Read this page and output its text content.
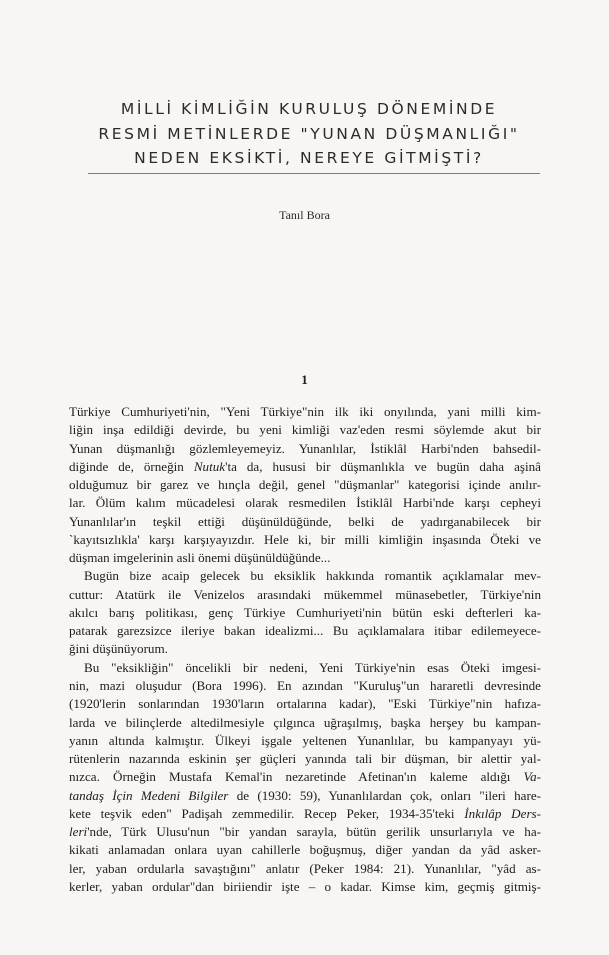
MİLLİ KİMLİĞİN KURULUŞ DÖNEMİNDE
RESMİ METİNLERDE "YUNAN DÜŞMANLIĞI"
NEDEN EKSİKTİ, NEREYE GİTMİŞTİ?
Tanıl Bora
1
Türkiye Cumhuriyeti'nin, "Yeni Türkiye"nin ilk iki onyılında, yani milli kim-
liğin inşa edildiği devirde, bu yeni kimliği vaz'eden resmi söylemde akut bir
Yunan düşmanlığı gözlemleyemeyiz. Yunanlılar, İstiklâl Harbi'nden bahsedil-
diğinde de, örneğin Nutuk'ta da, hususi bir düşmanlıkla ve bugün daha aşinâ
olduğumuz bir garez ve hınçla değil, genel "düşmanlar" kategorisi içinde anılır-
lar. Ölüm kalım mücadelesi olarak resmedilen İstiklâl Harbi'nde karşı cepheyi
Yunanlılar'ın teşkil ettiği düşünüldüğünde, belki de yadırganabilecek bir
`kayıtsızlıkla' karşı karşıyayızdır. Hele ki, bir milli kimliğin inşasında Öteki ve
düşman imgelerinin asli önemi düşünüldüğünde...
Bugün bize acaip gelecek bu eksiklik hakkında romantik açıklamalar mev-
cuttur: Atatürk ile Venizelos arasındaki mükemmel münasebetler, Türkiye'nin
akılcı barış politikası, genç Türkiye Cumhuriyeti'nin bütün eski defterleri ka-
patarak garezsizce ileriye bakan idealizmi... Bu açıklamalara itibar edilemeyece-
ğini düşünüyorum.
Bu "eksikliğin" öncelikli bir nedeni, Yeni Türkiye'nin esas Öteki imgesi-
nin, mazi oluşudur (Bora 1996). En azından "Kuruluş"un hararetli devresinde
(1920'lerin sonlarından 1930'ların ortalarına kadar), "Eski Türkiye"nin hafıza-
larda ve bilinçlerde altedilmesiyle çılgınca uğraşılmış, başka herşey bu kampan-
yanın altında kalmıştır. Ülkeyi işgale yeltenen Yunanlılar, bu kampanyayı yü-
rütenlerin nazarında eskinin şer güçleri yanında tali bir düşman, bir alettir yal-
nızca. Örneğin Mustafa Kemal'in nezaretinde Afetinan'ın kaleme aldığı Va-
tandaş İçin Medeni Bilgiler de (1930: 59), Yunanlılardan çok, onları "ileri hare-
kete teşvik eden" Padişah zemmedilir. Recep Peker, 1934-35'teki İnkılâp Ders-
leri'nde, Türk Ulusu'nun "bir yandan sarayla, bütün gerilik unsurlarıyla ve ha-
kikati anlamadan onlara uyan cahillerle boğuşmuş, diğer yandan da yâd asker-
ler, yaban ordularla savaştığını" anlatır (Peker 1984: 21). Yunanlılar, "yâd as-
kerler, yaban ordular"dan biriiendir işte – o kadar. Kimse kim, geçmiş gitmiş-
